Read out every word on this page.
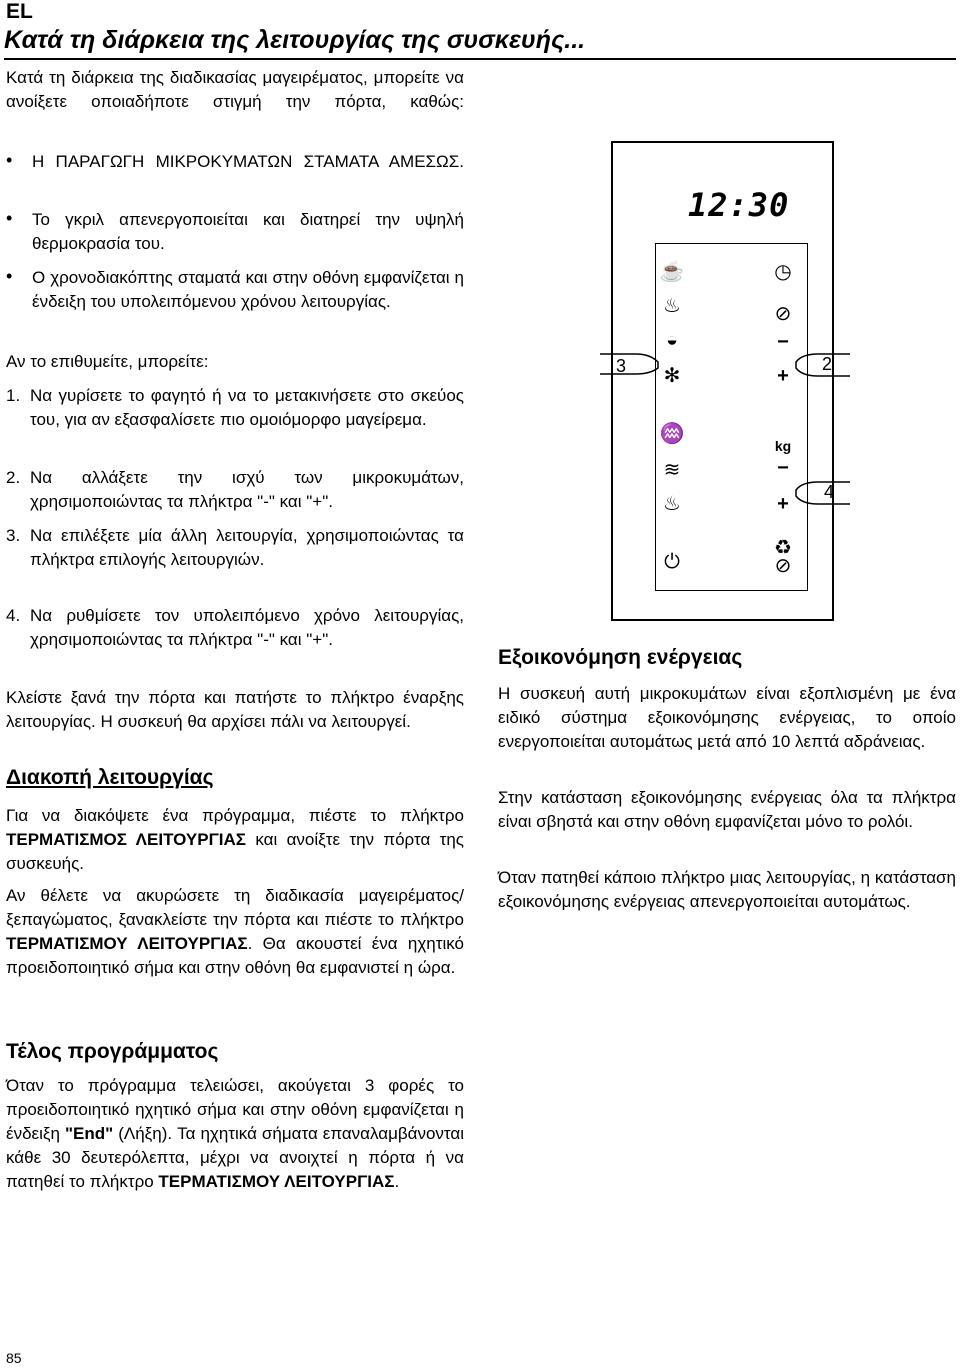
EL
Κατά τη διάρκεια της λειτουργίας της συσκευής...

Κατά τη διάρκεια της διαδικασίας μαγειρέματος, μπορείτε να ανοίξετε οποιαδήποτε στιγμή την πόρτα, καθώς:

• Η ΠΑΡΑΓΩΓΗ ΜΙΚΡΟΚΥΜΑΤΩΝ ΣΤΑΜΑΤΑ ΑΜΕΣΩΣ.

• Το γκριλ απενεργοποιείται και διατηρεί την υψηλή θερμοκρασία του.

• Ο χρονοδιακόπτης σταματά και στην οθόνη εμφανίζεται η ένδειξη του υπολειπόμενου χρόνου λειτουργίας.

Αν το επιθυμείτε, μπορείτε:

1. Να γυρίσετε το φαγητό ή να το μετακινήσετε στο σκεύος του, για αν εξασφαλίσετε πιο ομοιόμορφο μαγείρεμα.

2. Να αλλάξετε την ισχύ των μικροκυμάτων, χρησιμοποιώντας τα πλήκτρα "-" και "+".

3. Να επιλέξετε μία άλλη λειτουργία, χρησιμοποιώντας τα πλήκτρα επιλογής λειτουργιών.

4. Να ρυθμίσετε τον υπολειπόμενο χρόνο λειτουργίας, χρησιμοποιώντας τα πλήκτρα "-" και "+".

Κλείστε ξανά την πόρτα και πατήστε το πλήκτρο έναρξης λειτουργίας. Η συσκευή θα αρχίσει πάλι να λειτουργεί.

Διακοπή λειτουργίας

Για να διακόψετε ένα πρόγραμμα, πιέστε το πλήκτρο ΤΕΡΜΑΤΙΣΜΟΣ ΛΕΙΤΟΥΡΓΙΑΣ και ανοίξτε την πόρτα της συσκευής.

Αν θέλετε να ακυρώσετε τη διαδικασία μαγειρέματος/ξεπαγώματος, ξανακλείστε την πόρτα και πιέστε το πλήκτρο ΤΕΡΜΑΤΙΣΜΟΥ ΛΕΙΤΟΥΡΓΙΑΣ. Θα ακουστεί ένα ηχητικό προειδοποιητικό σήμα και στην οθόνη θα εμφανιστεί η ώρα.

Τέλος προγράμματος

Όταν το πρόγραμμα τελειώσει, ακούγεται 3 φορές το προειδοποιητικό ηχητικό σήμα και στην οθόνη εμφανίζεται η ένδειξη "End" (Λήξη). Τα ηχητικά σήματα επαναλαμβάνονται κάθε 30 δευτερόλεπτα, μέχρι να ανοιχτεί η πόρτα ή να πατηθεί το πλήκτρο ΤΕΡΜΑΤΙΣΜΟΥ ΛΕΙΤΟΥΡΓΙΑΣ.

12:30
☕
♨
◒
✻
♒
≋
♨
⏻
◷
⊘
−
+
kg
−
+
♻
⊘
3	2
4
Εξοικονόμηση ενέργειας

Η συσκευή αυτή μικροκυμάτων είναι εξοπλισμένη με ένα ειδικό σύστημα εξοικονόμησης ενέργειας, το οποίο ενεργοποιείται αυτομάτως μετά από 10 λεπτά αδράνειας.

Στην κατάσταση εξοικονόμησης ενέργειας όλα τα πλήκτρα είναι σβηστά και στην οθόνη εμφανίζεται μόνο το ρολόι.

Όταν πατηθεί κάποιο πλήκτρο μιας λειτουργίας, η κατάσταση εξοικονόμησης ενέργειας απενεργοποιείται αυτομάτως.

85
